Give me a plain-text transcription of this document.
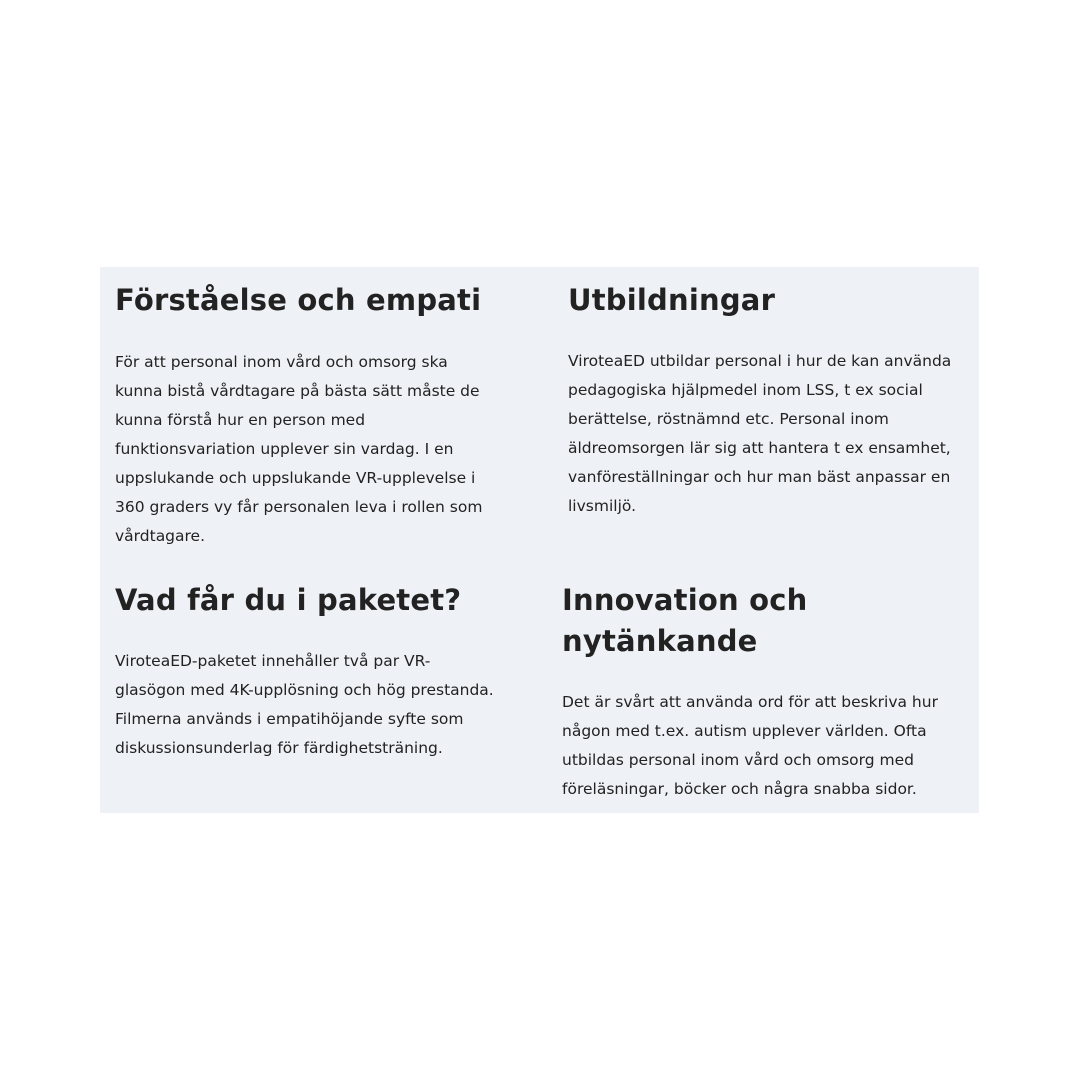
Förståelse och empati

För att personal inom vård och omsorg ska kunna bistå vårdtagare på bästa sätt måste de kunna förstå hur en person med funktionsvariation upplever sin vardag. I en uppslukande och uppslukande VR-upplevelse i 360 graders vy får personalen leva i rollen som vårdtagare.

Utbildningar

ViroteaED utbildar personal i hur de kan använda pedagogiska hjälpmedel inom LSS, t ex social berättelse, röstnämnd etc. Personal inom äldreomsorgen lär sig att hantera t ex ensamhet, vanföreställningar och hur man bäst anpassar en livsmiljö.

Vad får du i paketet?

ViroteaED-paketet innehåller två par VR-glasögon med 4K-upplösning och hög prestanda. Filmerna används i empatihöjande syfte som diskussionsunderlag för färdighetsträning.

Innovation och nytänkande

Det är svårt att använda ord för att beskriva hur någon med t.ex. autism upplever världen. Ofta utbildas personal inom vård och omsorg med föreläsningar, böcker och några snabba sidor.
